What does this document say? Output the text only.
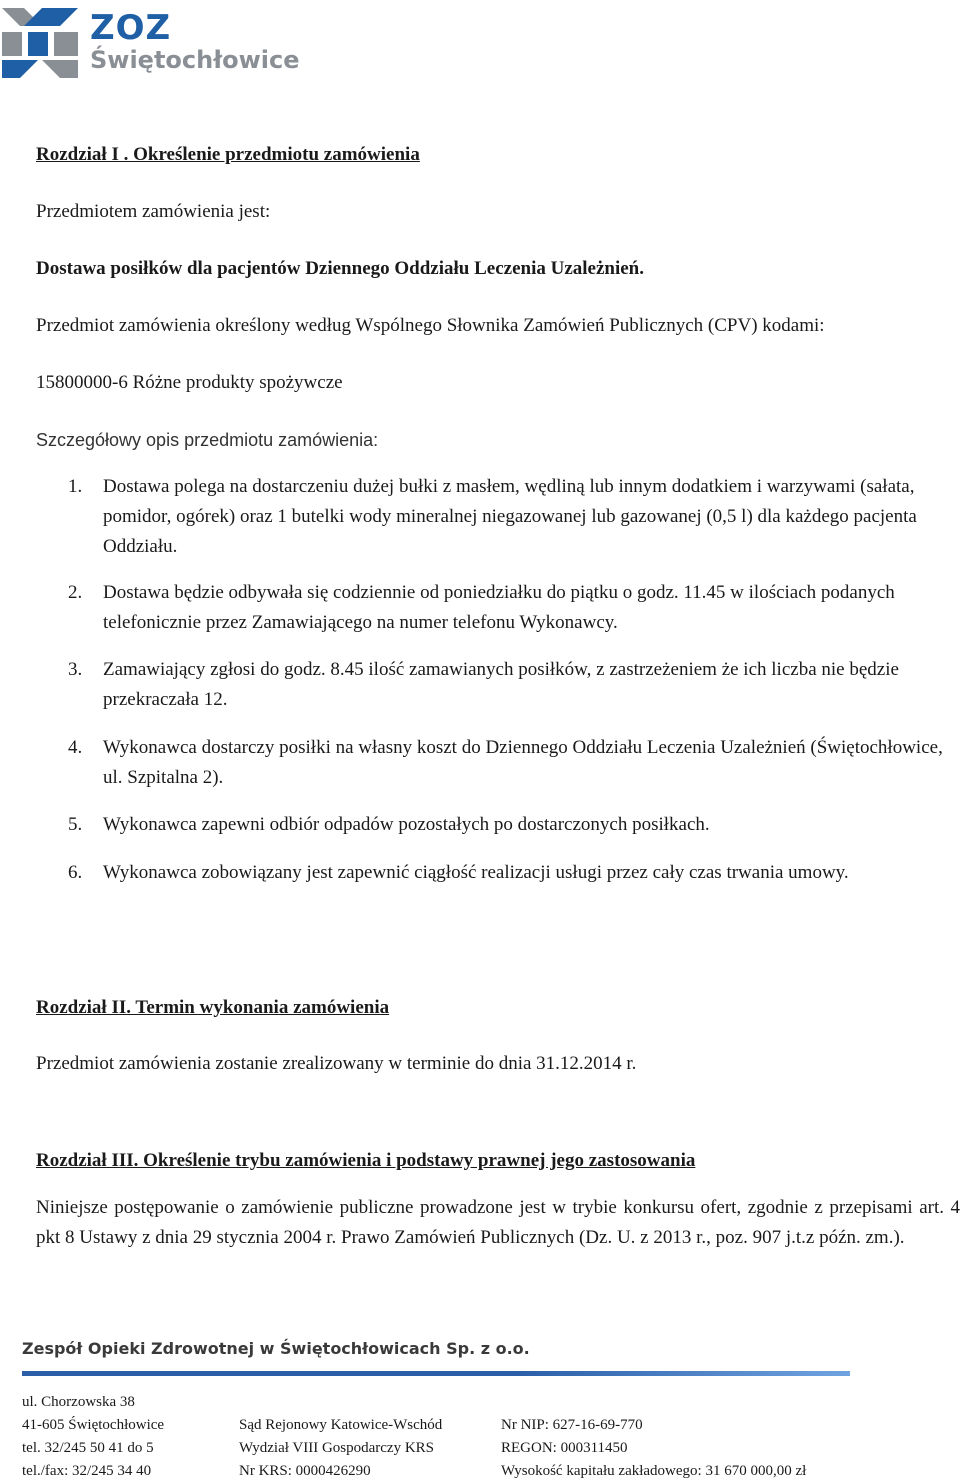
ZOZ
Świętochłowice
Rozdział I . Określenie przedmiotu zamówienia
Przedmiotem zamówienia jest:
Dostawa posiłków dla pacjentów Dziennego Oddziału Leczenia Uzależnień.
Przedmiot zamówienia określony według Wspólnego Słownika Zamówień Publicznych (CPV) kodami:
15800000-6 Różne produkty spożywcze
Szczegółowy opis przedmiotu zamówienia:
1. Dostawa polega na dostarczeniu dużej bułki z masłem, wędliną lub innym dodatkiem i warzywami (sałata, pomidor, ogórek) oraz 1 butelki wody mineralnej niegazowanej lub gazowanej (0,5 l) dla każdego pacjenta Oddziału.
2. Dostawa będzie odbywała się codziennie od poniedziałku do piątku o godz. 11.45 w ilościach podanych telefonicznie przez Zamawiającego na numer telefonu Wykonawcy.
3. Zamawiający zgłosi do godz. 8.45 ilość zamawianych posiłków, z zastrzeżeniem że ich liczba nie będzie przekraczała 12.
4. Wykonawca dostarczy posiłki na własny koszt do Dziennego Oddziału Leczenia Uzależnień (Świętochłowice, ul. Szpitalna 2).
5. Wykonawca zapewni odbiór odpadów pozostałych po dostarczonych posiłkach.
6. Wykonawca zobowiązany jest zapewnić ciągłość realizacji usługi przez cały czas trwania umowy.
Rozdział II. Termin wykonania zamówienia
Przedmiot zamówienia zostanie zrealizowany w terminie do dnia 31.12.2014 r.
Rozdział III. Określenie trybu zamówienia i podstawy prawnej jego zastosowania
Niniejsze postępowanie o zamówienie publiczne prowadzone jest w trybie konkursu ofert, zgodnie z przepisami art. 4 pkt 8 Ustawy z dnia 29 stycznia 2004 r. Prawo Zamówień Publicznych (Dz. U. z 2013 r., poz. 907 j.t.z późn. zm.).
Zespół Opieki Zdrowotnej w Świętochłowicach Sp. z o.o.
ul. Chorzowska 38
41-605 Świętochłowice
tel. 32/245 50 41 do 5
tel./fax: 32/245 34 40
Sąd Rejonowy Katowice-Wschód
Wydział VIII Gospodarczy KRS
Nr KRS: 0000426290
Nr NIP: 627-16-69-770
REGON: 000311450
Wysokość kapitału zakładowego: 31 670 000,00 zł
